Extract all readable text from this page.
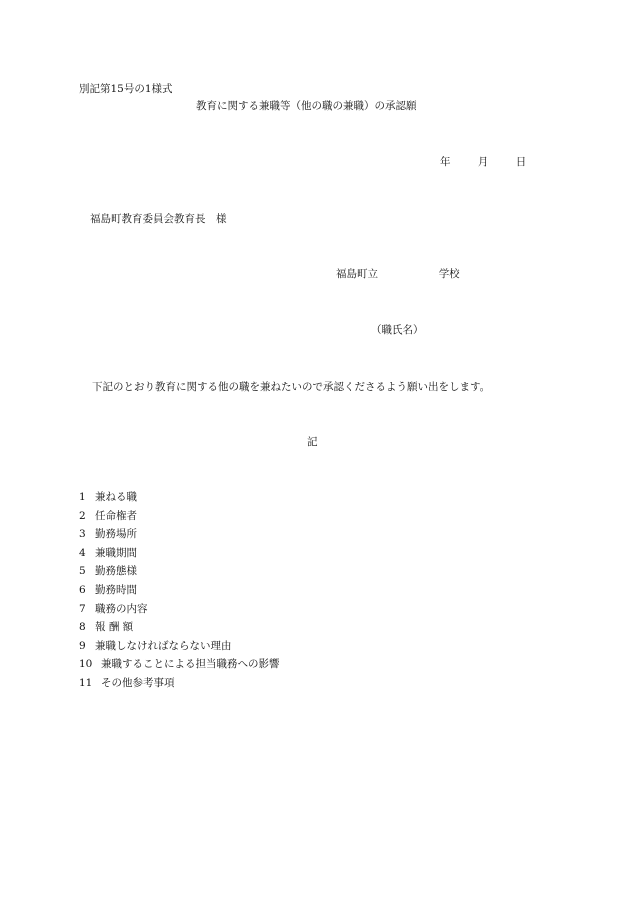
別記第15号の1様式
教育に関する兼職等（他の職の兼職）の承認願
年	月	日
福島町教育委員会教育長　様
福島町立	学校
（職氏名）
下記のとおり教育に関する他の職を兼ねたいので承認くださるよう願い出をします。
記
1 兼ねる職
2 任命権者
3 勤務場所
4 兼職期間
5 勤務態様
6 勤務時間
7 職務の内容
8 報 酬 額
9 兼職しなければならない理由
10 兼職することによる担当職務への影響
11 その他参考事項
